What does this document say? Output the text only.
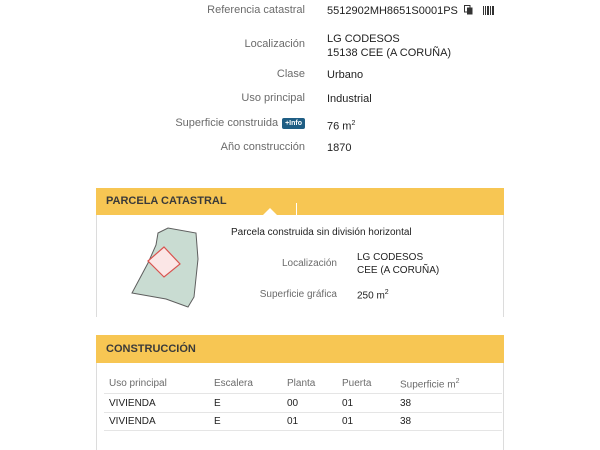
Referencia catastral 5512902MH8651S0001PS
Localización LG CODESOS
15138 CEE (A CORUÑA)
Clase Urbano
Uso principal Industrial
Superficie construida +Info 76 $m^2$
Año construcción 1870
PARCELA CATASTRAL
Parcela construida sin división horizontal
Localización
LG CODESOS
CEE (A CORUÑA)
Superficie gráfica 250 $m^2$
CONSTRUCCIÓN
Uso principal	Escalera	Planta	Puerta	Superficie $m^2$
VIVIENDA	E	00	01	38
VIVIENDA	E	01	01	38
